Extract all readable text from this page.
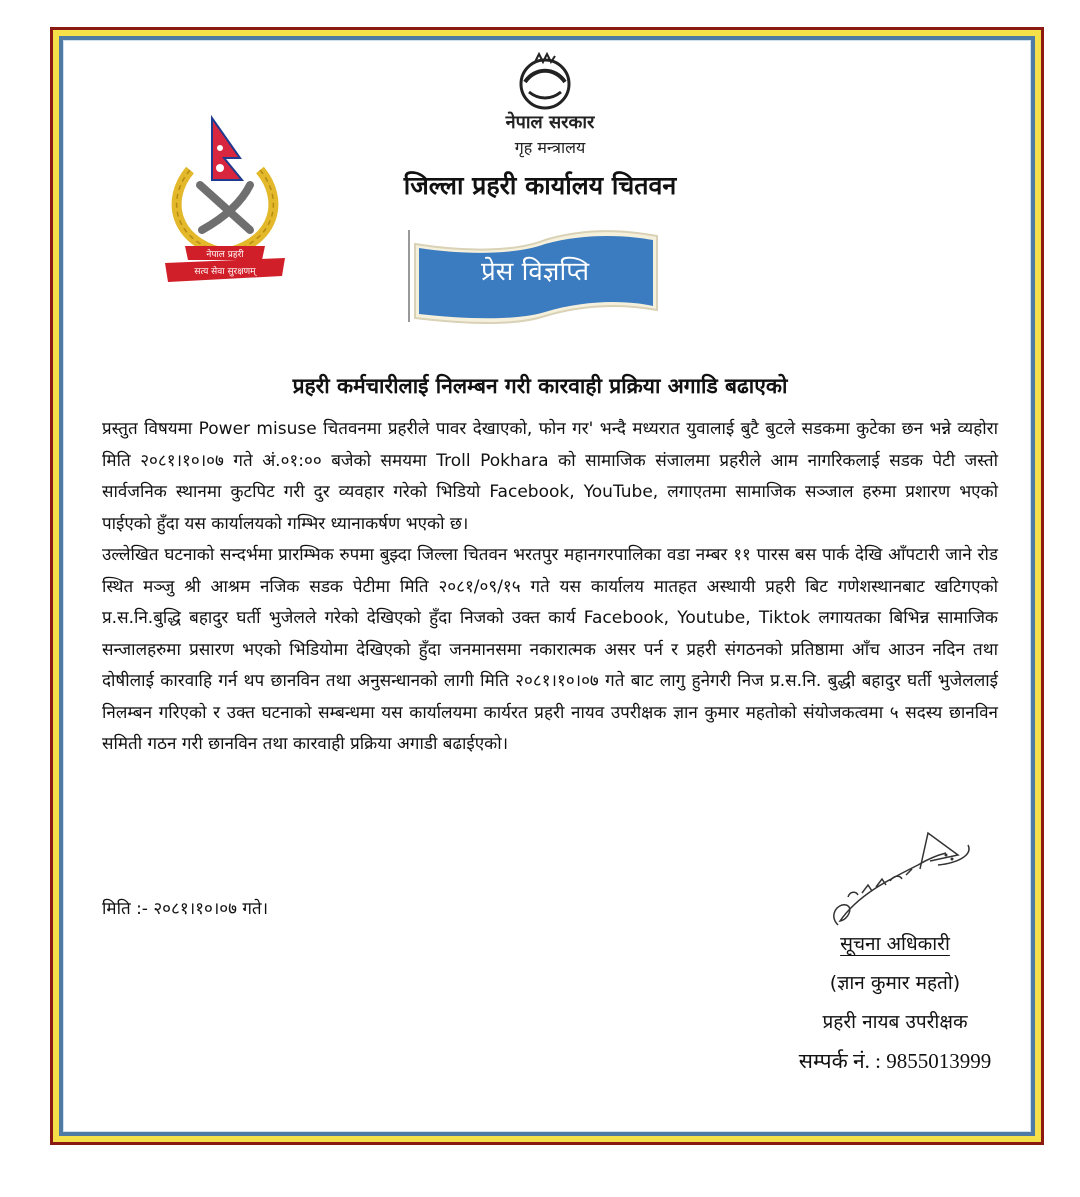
नेपाल प्रहरी
सत्य सेवा सुरक्षणम्
नेपाल सरकार
गृह मन्त्रालय
जिल्ला प्रहरी कार्यालय चितवन
प्रेस विज्ञप्ति
प्रहरी कर्मचारीलाई निलम्बन गरी कारवाही प्रक्रिया अगाडि बढाएको

प्रस्तुत विषयमा Power misuse चितवनमा प्रहरीले पावर देखाएको, फोन गर' भन्दै मध्यरात युवालाई बुटै बुटले सडकमा कुटेका छन भन्ने व्यहोरा मिति २०८१।१०।०७ गते अं.०१:०० बजेको समयमा Troll Pokhara को सामाजिक संजालमा प्रहरीले आम नागरिकलाई सडक पेटी जस्तो सार्वजनिक स्थानमा कुटपिट गरी दुर व्यवहार गरेको भिडियो Facebook, YouTube, लगाएतमा सामाजिक सञ्जाल हरुमा प्रशारण भएको पाईएको हुँदा यस कार्यालयको गम्भिर ध्यानाकर्षण भएको छ।

उल्लेखित घटनाको सन्दर्भमा प्रारम्भिक रुपमा बुझ्दा जिल्ला चितवन भरतपुर महानगरपालिका वडा नम्बर ११ पारस बस पार्क देखि आँपटारी जाने रोड स्थित मञ्जु श्री आश्रम नजिक सडक पेटीमा मिति २०८१/०९/१५ गते यस कार्यालय मातहत अस्थायी प्रहरी बिट गणेशस्थानबाट खटिगएको प्र.स.नि.बुद्धि बहादुर घर्ती भुजेलले गरेको देखिएको हुँदा निजको उक्त कार्य Facebook, Youtube, Tiktok लगायतका बिभिन्न सामाजिक सन्जालहरुमा प्रसारण भएको भिडियोमा देखिएको हुँदा जनमानसमा नकारात्मक असर पर्न र प्रहरी संगठनको प्रतिष्ठामा आँच आउन नदिन तथा दोषीलाई कारवाहि गर्न थप छानविन तथा अनुसन्धानको लागी मिति २०८१।१०।०७ गते बाट लागु हुनेगरी निज प्र.स.नि. बुद्धी बहादुर घर्ती भुजेललाई निलम्बन गरिएको र उक्त घटनाको सम्बन्धमा यस कार्यालयमा कार्यरत प्रहरी नायव उपरीक्षक ज्ञान कुमार महतोको संयोजकत्वमा ५ सदस्य छानविन समिती गठन गरी छानविन तथा कारवाही प्रक्रिया अगाडी बढाईएको।

मिति :- २०८१।१०।०७ गते।
सूचना अधिकारी
(ज्ञान कुमार महतो)
प्रहरी नायब उपरीक्षक
सम्पर्क नं. : 9855013999
